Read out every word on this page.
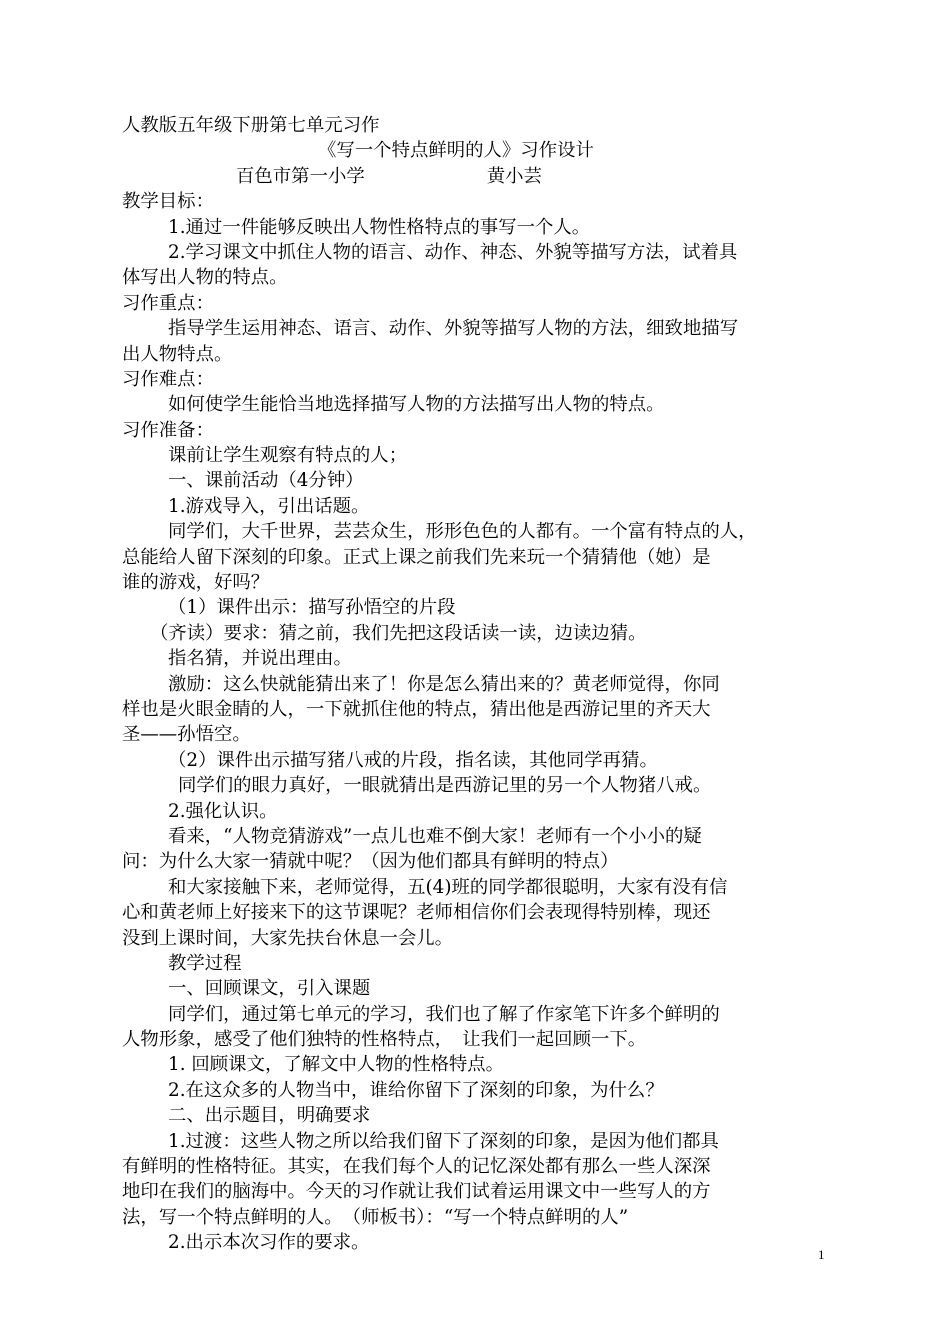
人教版五年级下册第七单元习作
《写一个特点鲜明的人》习作设计
百色市第一小学	黄小芸
教学目标：
1.通过一件能够反映出人物性格特点的事写一个人。
2.学习课文中抓住人物的语言、动作、神态、外貌等描写方法，试着具
体写出人物的特点。
习作重点：
指导学生运用神态、语言、动作、外貌等描写人物的方法，细致地描写
出人物特点。
习作难点：
如何使学生能恰当地选择描写人物的方法描写出人物的特点。
习作准备：
课前让学生观察有特点的人；
一、课前活动（4分钟）
1.游戏导入，引出话题。
同学们，大千世界，芸芸众生，形形色色的人都有。一个富有特点的人，
总能给人留下深刻的印象。正式上课之前我们先来玩一个猜猜他（她）是
谁的游戏，好吗？
（1）课件出示：描写孙悟空的片段
（齐读）要求：猜之前，我们先把这段话读一读，边读边猜。
指名猜，并说出理由。
激励：这么快就能猜出来了！你是怎么猜出来的？黄老师觉得，你同
样也是火眼金睛的人，一下就抓住他的特点，猜出他是西游记里的齐天大
圣——孙悟空。
（2）课件出示描写猪八戒的片段，指名读，其他同学再猜。
同学们的眼力真好，一眼就猜出是西游记里的另一个人物猪八戒。
2.强化认识。
看来，“人物竞猜游戏”一点儿也难不倒大家！老师有一个小小的疑
问：为什么大家一猜就中呢？（因为他们都具有鲜明的特点）
和大家接触下来，老师觉得，五(4)班的同学都很聪明，大家有没有信
心和黄老师上好接来下的这节课呢？老师相信你们会表现得特别棒，现还
没到上课时间，大家先扶台休息一会儿。
教学过程
一、回顾课文，引入课题
同学们，通过第七单元的学习，我们也了解了作家笔下许多个鲜明的
人物形象，感受了他们独特的性格特点，　让我们一起回顾一下。
1. 回顾课文，了解文中人物的性格特点。
2.在这众多的人物当中，谁给你留下了深刻的印象，为什么？
二、出示题目，明确要求
1.过渡：这些人物之所以给我们留下了深刻的印象，是因为他们都具
有鲜明的性格特征。其实，在我们每个人的记忆深处都有那么一些人深深
地印在我们的脑海中。今天的习作就让我们试着运用课文中一些写人的方
法，写一个特点鲜明的人。　（师板书）：“写一个特点鲜明的人”
2.出示本次习作的要求。
1
